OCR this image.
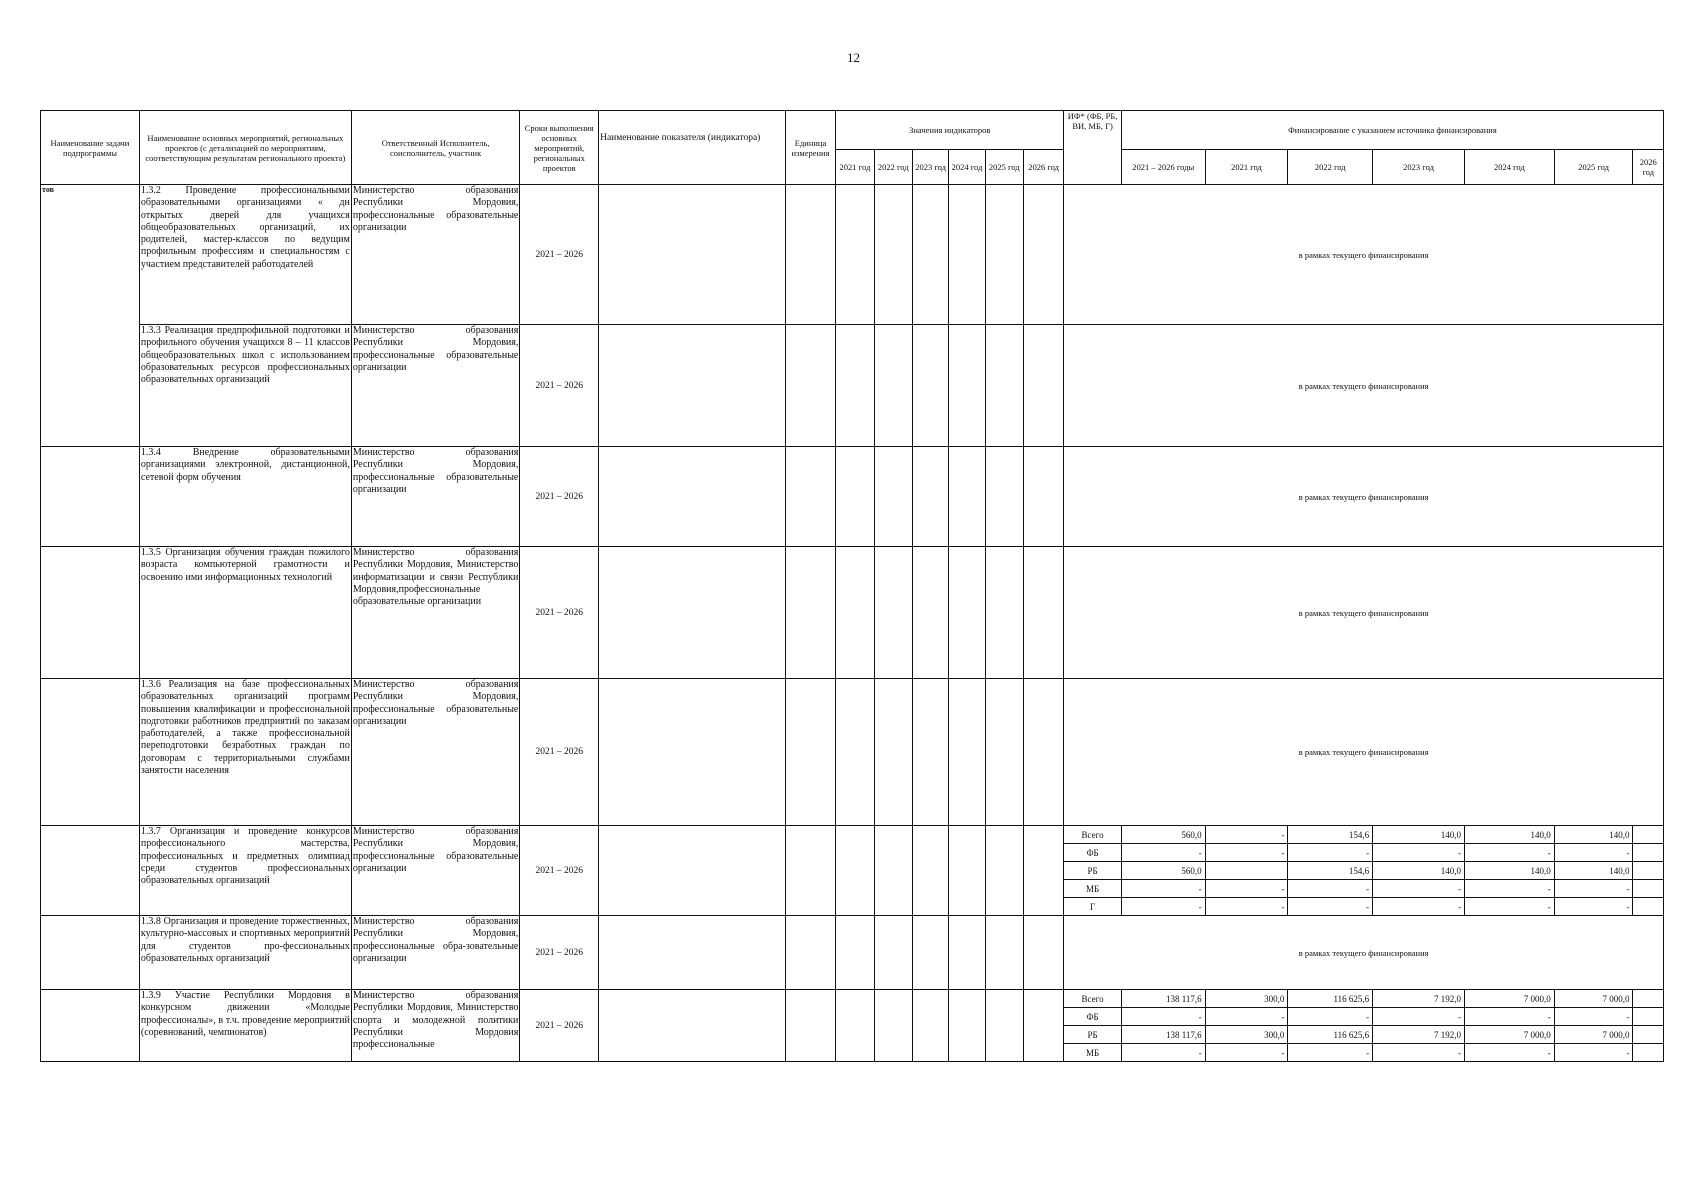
12
Наименование задачи подпрограммы	Наименование основных мероприятий, региональных проектов (с детализацией по мероприятиям, соответствующим результатам регионального проекта)	Ответственный Исполнитель, соисполнитель, участник	Сроки выполнения основных мероприятий, региональных проектов	Наименование показателя (индикатора)	Единица измерения	Значения индикаторов						ИФ* (ФБ, РБ, ВИ, МБ, Г)	Финансирование с указанием источника финансирования						
						2021 год	2022 год	2023 год	2024 год	2025 год	2026 год		2021 – 2026 годы	2021 год	2022 год	2023 год	2024 год	2025 год	2026 год
тов	1.3.2 Проведение профессиональными образовательными организациями « дн открытых дверей для учащихся общеобразовательных организаций, их родителей, мастер-классов по ведущим профильным профессиям и специальностям с участием представителей работодателей	Министерство образования Республики Мордовия, профессиональные образовательные организации	2021 – 2026									в рамках текущего финансирования							
	1.3.3 Реализация предпрофильной подготовки и профильного обучения учащихся 8 – 11 классов общеобразовательных школ с использованием образовательных ресурсов профессиональных образовательных организаций	Министерство образования Республики Мордовия, профессиональные образовательные организации	2021 – 2026									в рамках текущего финансирования							
	1.3.4 Внедрение образовательными организациями электронной, дистанционной, сетевой форм обучения	Министерство образования Республики Мордовия, профессиональные образовательные организации	2021 – 2026									в рамках текущего финансирования							
	1.3.5 Организация обучения граждан пожилого возраста компьютерной грамотности и освоению ими информационных технологий	Министерство образования Республики Мордовия, Министерство информатизации и связи Республики Мордовия,профессиональные образовательные организации	2021 – 2026									в рамках текущего финансирования							
	1.3.6 Реализация на базе профессиональных образовательных организаций программ повышения квалификации и профессиональной подготовки работников предприятий по заказам работодателей, а также профессиональной переподготовки безработных граждан по договорам с территориальными службами занятости населения	Министерство образования Республики Мордовия, профессиональные образовательные организации	2021 – 2026									в рамках текущего финансирования							
	1.3.7 Организация и проведение конкурсов профессионального мастерства, профессиональных и предметных олимпиад среди студентов профессиональных образовательных организаций	Министерство образования Республики Мордовия, профессиональные образовательные организации	2021 – 2026									Всего	560,0	-	154,6	140,0	140,0	140,0	
												ФБ	-	-	-	-	-	-	
												РБ	560,0		154,6	140,0	140,0	140,0	
												МБ	-	-	-	-	-	-	
												Г	-	-	-	-	-	-	
	1.3.8 Организация и проведение торжественных, культурно-массовых и спортивных мероприятий для студентов про-фессиональных образовательных организаций	Министерство образования Республики Мордовия, профессиональные обра-зовательные организации	2021 – 2026									в рамках текущего финансирования							
	1.3.9 Участие Республики Мордовия в конкурсном движении «Молодые профессионалы», в т.ч. проведение мероприятий (соревнований, чемпионатов)	Министерство образования Республики Мордовия, Министерство спорта и молодежной политики Республики Мордовия профессиональные	2021 – 2026									Всего	138 117,6	300,0	116 625,6	7 192,0	7 000,0	7 000,0	
												ФБ	-	-	-	-	-	-	
												РБ	138 117,6	300,0	116 625,6	7 192,0	7 000,0	7 000,0	
												МБ	-	-	-	-	-	-	
